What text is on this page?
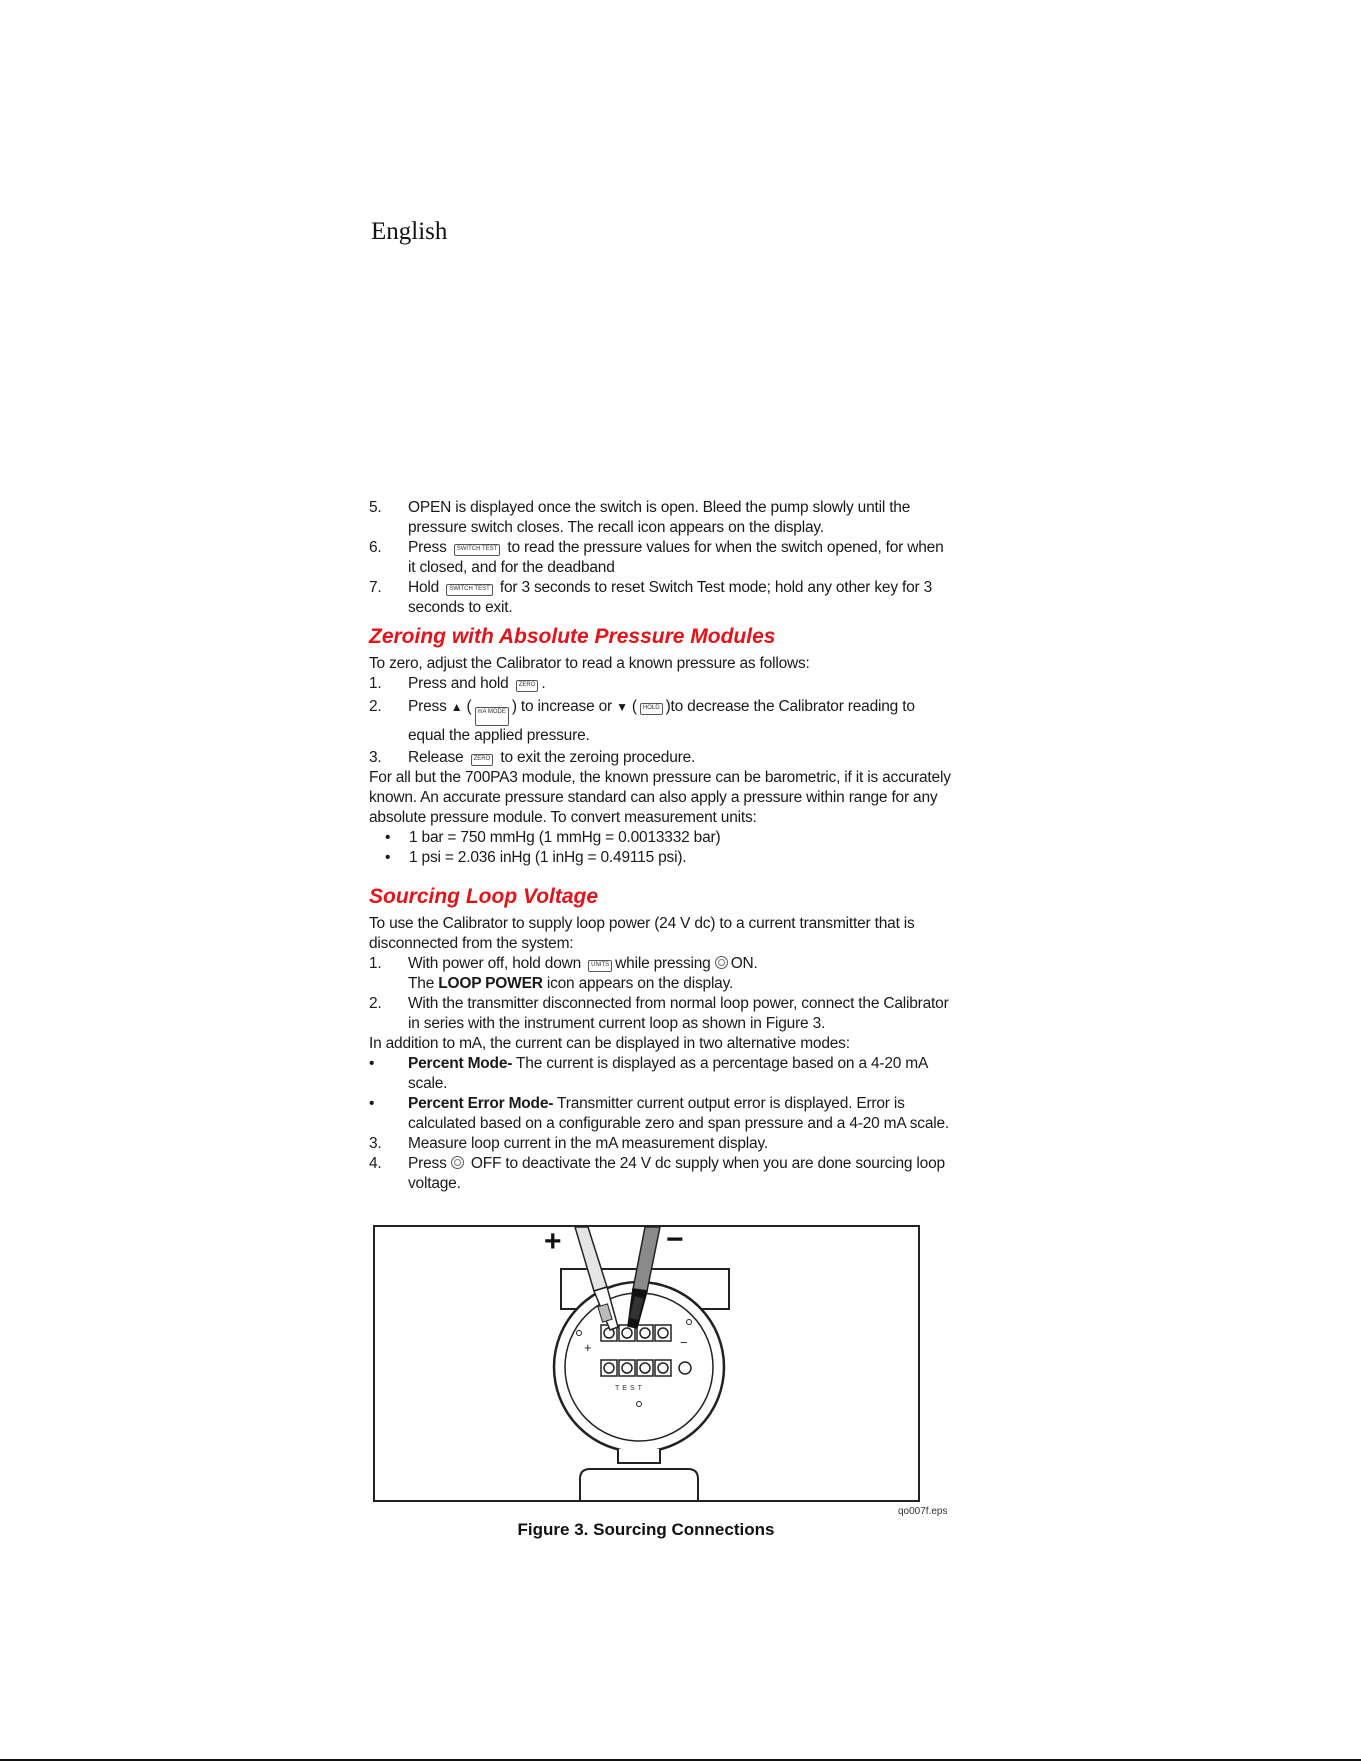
English
5.	OPEN is displayed once the switch is open. Bleed the pump slowly until the pressure switch closes. The recall icon appears on the display.
6.	Press SWITCH TEST to read the pressure values for when the switch opened, for when it closed, and for the deadband
7.	Hold SWITCH TEST for 3 seconds to reset Switch Test mode; hold any other key for 3 seconds to exit.
Zeroing with Absolute Pressure Modules
To zero, adjust the Calibrator to read a known pressure as follows:
1.	Press and hold ZERO .
2.	Press ▲ ( mA MODE ) to increase or ▼ ( HOLD )to decrease the Calibrator reading to equal the applied pressure.
3.	Release ZERO to exit the zeroing procedure.
For all but the 700PA3 module, the known pressure can be barometric, if it is accurately known. An accurate pressure standard can also apply a pressure within range for any absolute pressure module. To convert measurement units:
•	1 bar = 750 mmHg (1 mmHg = 0.0013332 bar)
•	1 psi = 2.036 inHg (1 inHg = 0.49115 psi).
Sourcing Loop Voltage
To use the Calibrator to supply loop power (24 V dc) to a current transmitter that is disconnected from the system:
1.	With power off, hold down UNITS while pressing ON.
The LOOP POWER icon appears on the display.
2.	With the transmitter disconnected from normal loop power, connect the Calibrator in series with the instrument current loop as shown in Figure 3.
In addition to mA, the current can be displayed in two alternative modes:
•	Percent Mode- The current is displayed as a percentage based on a 4-20 mA scale.
•	Percent Error Mode- Transmitter current output error is displayed. Error is calculated based on a configurable zero and span pressure and a 4-20 mA scale.
3.	Measure loop current in the mA measurement display.
4.	Press OFF to deactivate the 24 V dc supply when you are done sourcing loop voltage.
+	−
+	−
TEST
qo007f.eps
Figure 3. Sourcing Connections
